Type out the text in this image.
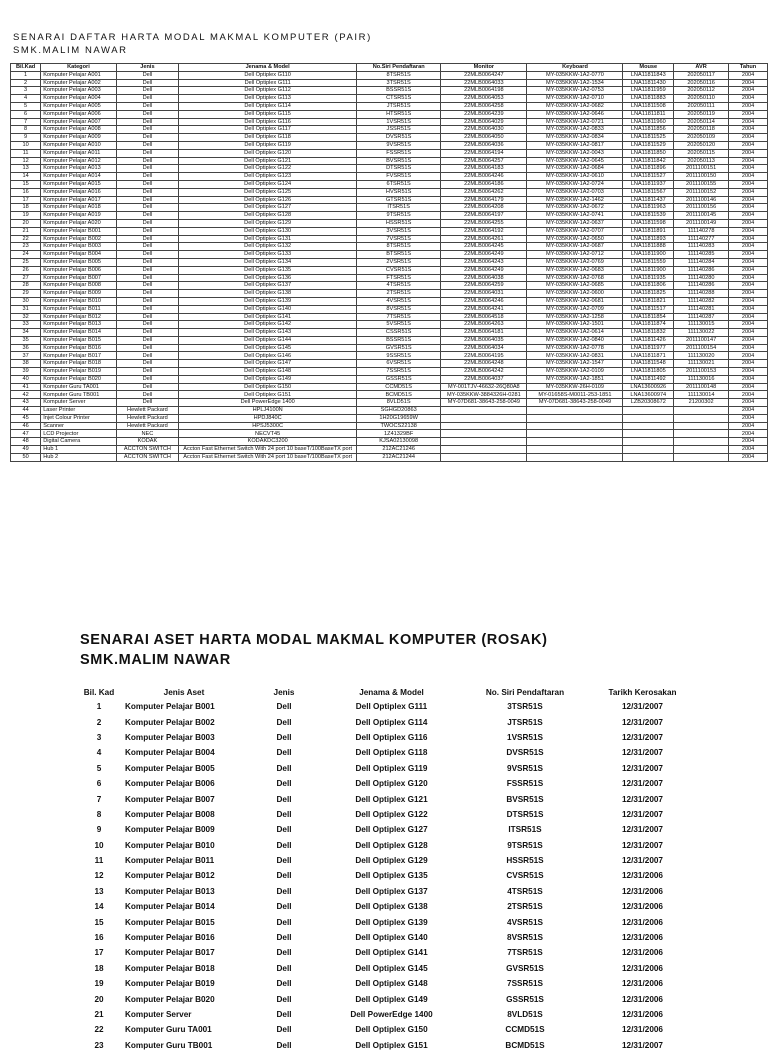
SENARAI DAFTAR HARTA MODAL MAKMAL KOMPUTER (PAIR)
SMK.MALIM NAWAR
Bil.Kad	Kategori	Jenis	Jenama & Model	No.Siri Pendaftaran	Monitor	Keyboard	Mouse	AVR	Tahun
1	Komputer Pelajar A001	Dell	Dell Optiplex G110	8TSR51S	22MLB0064247	MY-035KKW-1A2-0770	LNA11811843	202050117	2004
2	Komputer Pelajar A002	Dell	Dell Optiplex G111	3TSR51S	22MLB0064033	MY-035KKW-1A2-1534	LNA11811430	202050116	2004
3	Komputer Pelajar A003	Dell	Dell Optiplex G112	BSSR51S	22MLB0064198	MY-035KKW-1A2-0753	LNA11811959	202050112	2004
4	Komputer Pelajar A004	Dell	Dell Optiplex G113	CTSR51S	22MLB0064053	MY-035KKW-1A2-0710	LNA11811883	202050110	2004
5	Komputer Pelajar A005	Dell	Dell Optiplex G114	JTSR51S	22MLB0064258	MY-035KKW-1A2-0682	LNA11811508	202050111	2004
6	Komputer Pelajar A006	Dell	Dell Optiplex G115	HTSR51S	22MLB0064239	MY-035KKW-1A2-0646	LNA11811811	202050119	2004
7	Komputer Pelajar A007	Dell	Dell Optiplex G116	1VSR51S	22MLB0064029	MY-035KKW-1A2-0721	LNA11811960	202050114	2004
8	Komputer Pelajar A008	Dell	Dell Optiplex G117	JSSR51S	22MLB0064030	MY-035KKW-1A2-0833	LNA11811856	202050118	2004
9	Komputer Pelajar A009	Dell	Dell Optiplex G118	DVSR51S	22MLB0064050	MY-035KKW-1A2-0834	LNA11811525	202050109	2004
10	Komputer Pelajar A010	Dell	Dell Optiplex G119	9VSR51S	22MLB0064036	MY-035KKW-1A2-0817	LNA11811529	202050120	2004
11	Komputer Pelajar A011	Dell	Dell Optiplex G120	FSSR51S	22MLB0064194	MY-035KKW-1A2-0043	LNA11811850	202050115	2004
12	Komputer Pelajar A012	Dell	Dell Optiplex G121	BVSR51S	22MLB0064257	MY-035KKW-1A2-0645	LNA11811842	202050113	2004
13	Komputer Pelajar A013	Dell	Dell Optiplex G122	DTSR51S	22MLB0064183	MY-035KKW-1A2-0684	LNA11811896	2011100151	2004
14	Komputer Pelajar A014	Dell	Dell Optiplex G123	FVSR51S	22MLB0064246	MY-035KKW-1A2-0610	LNA11811527	2011100150	2004
15	Komputer Pelajar A015	Dell	Dell Optiplex G124	6TSR51S	22MLB0064186	MY-035KKW-1A2-0724	LNA11811937	2011100155	2004
16	Komputer Pelajar A016	Dell	Dell Optiplex G125	HVSR51S	22MLB0064262	MY-035KKW-1A2-0703	LNA11811567	2011100152	2004
17	Komputer Pelajar A017	Dell	Dell Optiplex G126	GTSR51S	22MLB0064179	MY-035KKW-1A2-1462	LNA11811437	2011100146	2004
18	Komputer Pelajar A018	Dell	Dell Optiplex G127	ITSR51S	22MLB0064208	MY-035KKW-1A2-0672	LNA11811963	2011100156	2004
19	Komputer Pelajar A019	Dell	Dell Optiplex G128	9TSR51S	22MLB0064197	MY-035KKW-1A2-0741	LNA11811539	2011100145	2004
20	Komputer Pelajar A020	Dell	Dell Optiplex G129	HSSR51S	22MLB0064255	MY-035KKW-1A2-0637	LNA11811598	2011100149	2004
21	Komputer Pelajar B001	Dell	Dell Optiplex G130	3VSR51S	22MLB0064192	MY-035KKW-1A2-0707	LNA11811891	111140278	2004
22	Komputer Pelajar B002	Dell	Dell Optiplex G131	7VSR51S	22MLB0064261	MY-035KKW-1A2-0650	LNA11811893	111140277	2004
23	Komputer Pelajar B003	Dell	Dell Optiplex G132	8TSR51S	22MLB0064245	MY-035KKW-1A2-0687	LNA11811888	111140283	2004
24	Komputer Pelajar B004	Dell	Dell Optiplex G133	BTSR51S	22MLB0064249	MY-035KKW-1A2-0712	LNA11811900	111140285	2004
25	Komputer Pelajar B005	Dell	Dell Optiplex G134	2VSR51S	22MLB0064243	MY-035KKW-1A2-0769	LNA11811559	111140284	2004
26	Komputer Pelajar B006	Dell	Dell Optiplex G135	CVSR51S	22MLB0064249	MY-035KKW-1A2-0683	LNA11811900	111140286	2004
27	Komputer Pelajar B007	Dell	Dell Optiplex G136	FTSR51S	22MLB0064038	MY-035KKW-1A2-0768	LNA11811935	111140280	2004
28	Komputer Pelajar B008	Dell	Dell Optiplex G137	4TSR51S	22MLB0064259	MY-035KKW-1A2-0685	LNA11811806	111140286	2004
29	Komputer Pelajar B009	Dell	Dell Optiplex G138	2TSR51S	22MLB0064031	MY-035KKW-1A2-0600	LNA11811825	111140288	2004
30	Komputer Pelajar B010	Dell	Dell Optiplex G139	4VSR51S	22MLB0064246	MY-035KKW-1A2-0681	LNA11811821	111140282	2004
31	Komputer Pelajar B011	Dell	Dell Optiplex G140	8VSR51S	22MLB0064241	MY-035KKW-1A2-0709	LNA11811517	111140281	2004
32	Komputer Pelajar B012	Dell	Dell Optiplex G141	7TSR51S	22MLB0064518	MY-035KKW-1A2-1258	LNA11811854	111140287	2004
33	Komputer Pelajar B013	Dell	Dell Optiplex G142	5VSR51S	22MLB0064263	MY-035KKW-1A2-1501	LNA11811874	111130015	2004
34	Komputer Pelajar B014	Dell	Dell Optiplex G143	CSSR51S	22MLB0064181	MY-035KKW-1A2-0614	LNA11811832	111130022	2004
35	Komputer Pelajar B015	Dell	Dell Optiplex G144	BSSR51S	22MLB0064035	MY-035KKW-1A2-0840	LNA11811426	2011100147	2004
36	Komputer Pelajar B016	Dell	Dell Optiplex G145	GVSR51S	22MLB0064034	MY-035KKW-1A2-0778	LNA11811977	2011100154	2004
37	Komputer Pelajar B017	Dell	Dell Optiplex G146	9SSR51S	22MLB0064195	MY-035KKW-1A2-0831	LNA11811871	111130020	2004
38	Komputer Pelajar B018	Dell	Dell Optiplex G147	6VSR51S	22MLB0064248	MY-035KKW-1A2-1547	LNA11811548	111130021	2004
39	Komputer Pelajar B019	Dell	Dell Optiplex G148	7SSR51S	22MLB0064242	MY-035KKW-1A2-0109	LNA11811805	2011100153	2004
40	Komputer Pelajar B020	Dell	Dell Optiplex G149	GSSR51S	22MLB0064037	MY-035KKW-1A2-1851	LNA11811492	111130016	2004
41	Komputer Guru TA001	Dell	Dell Optiplex G150	CCMD51S	MY-001TJV-46632-26Q80A8	MY-035KKW-26H-0109	LNA13600926	2011100148	2004
42	Komputer Guru TB001	Dell	Dell Optiplex G151	BCMD51S	MY-035KKW-3884326H-0281	MY-01658S-M0011-253-1851	LNA13600974	111130014	2004
43	Komputer Server	Dell	Dell PowerEdge 1400	8VLD51S	MY-07D681-38643-258-0049	MY-07D681-38643-258-0049	LZB20308672	21200302	2004
44	Laser Printer	Hewlett Packard	HPLJ4100N	SGHGD20863					2004
45	Injet Colour Printer	Hewlett Packard	HPDJ840C	1H20G19659W					2004
46	Scanner	Hewlett Packard	HPSJ5300C	TWOCS22138					2004
47	LCD Projector	NEC	NECVT45	1Z41329BF					2004
48	Digital Camera	KODAK	KODAKDC3200	KJSA02130098					2004
49	Hub 1	ACCTON SWITCH	Accton Fast Ethernet Switch With 24 port 10 baseT/100BaseTX port	212AC21246					2004
50	Hub 2	ACCTON SWITCH	Accton Fast Ethernet Switch With 24 port 10 baseT/100BaseTX port	212AC21244					2004
SENARAI ASET HARTA MODAL MAKMAL KOMPUTER (ROSAK)
SMK.MALIM NAWAR
Bil. Kad	Jenis Aset	Jenis	Jenama & Model	No. Siri Pendaftaran	Tarikh Kerosakan
1	Komputer Pelajar B001	Dell	Dell Optiplex G111	3TSR51S	12/31/2007
2	Komputer Pelajar B002	Dell	Dell Optiplex G114	JTSR51S	12/31/2007
3	Komputer Pelajar B003	Dell	Dell Optiplex G116	1VSR51S	12/31/2007
4	Komputer Pelajar B004	Dell	Dell Optiplex G118	DVSR51S	12/31/2007
5	Komputer Pelajar B005	Dell	Dell Optiplex G119	9VSR51S	12/31/2007
6	Komputer Pelajar B006	Dell	Dell Optiplex G120	FSSR51S	12/31/2007
7	Komputer Pelajar B007	Dell	Dell Optiplex G121	BVSR51S	12/31/2007
8	Komputer Pelajar B008	Dell	Dell Optiplex G122	DTSR51S	12/31/2007
9	Komputer Pelajar B009	Dell	Dell Optiplex G127	ITSR51S	12/31/2007
10	Komputer Pelajar B010	Dell	Dell Optiplex G128	9TSR51S	12/31/2007
11	Komputer Pelajar B011	Dell	Dell Optiplex G129	HSSR51S	12/31/2007
12	Komputer Pelajar B012	Dell	Dell Optiplex G135	CVSR51S	12/31/2006
13	Komputer Pelajar B013	Dell	Dell Optiplex G137	4TSR51S	12/31/2006
14	Komputer Pelajar B014	Dell	Dell Optiplex G138	2TSR51S	12/31/2006
15	Komputer Pelajar B015	Dell	Dell Optiplex G139	4VSR51S	12/31/2006
16	Komputer Pelajar B016	Dell	Dell Optiplex G140	8VSR51S	12/31/2006
17	Komputer Pelajar B017	Dell	Dell Optiplex G141	7TSR51S	12/31/2006
18	Komputer Pelajar B018	Dell	Dell Optiplex G145	GVSR51S	12/31/2006
19	Komputer Pelajar B019	Dell	Dell Optiplex G148	7SSR51S	12/31/2006
20	Komputer Pelajar B020	Dell	Dell Optiplex G149	GSSR51S	12/31/2006
21	Komputer Server	Dell	Dell PowerEdge 1400	8VLD51S	12/31/2006
22	Komputer Guru TA001	Dell	Dell Optiplex G150	CCMD51S	12/31/2006
23	Komputer Guru TB001	Dell	Dell Optiplex G151	BCMD51S	12/31/2007
